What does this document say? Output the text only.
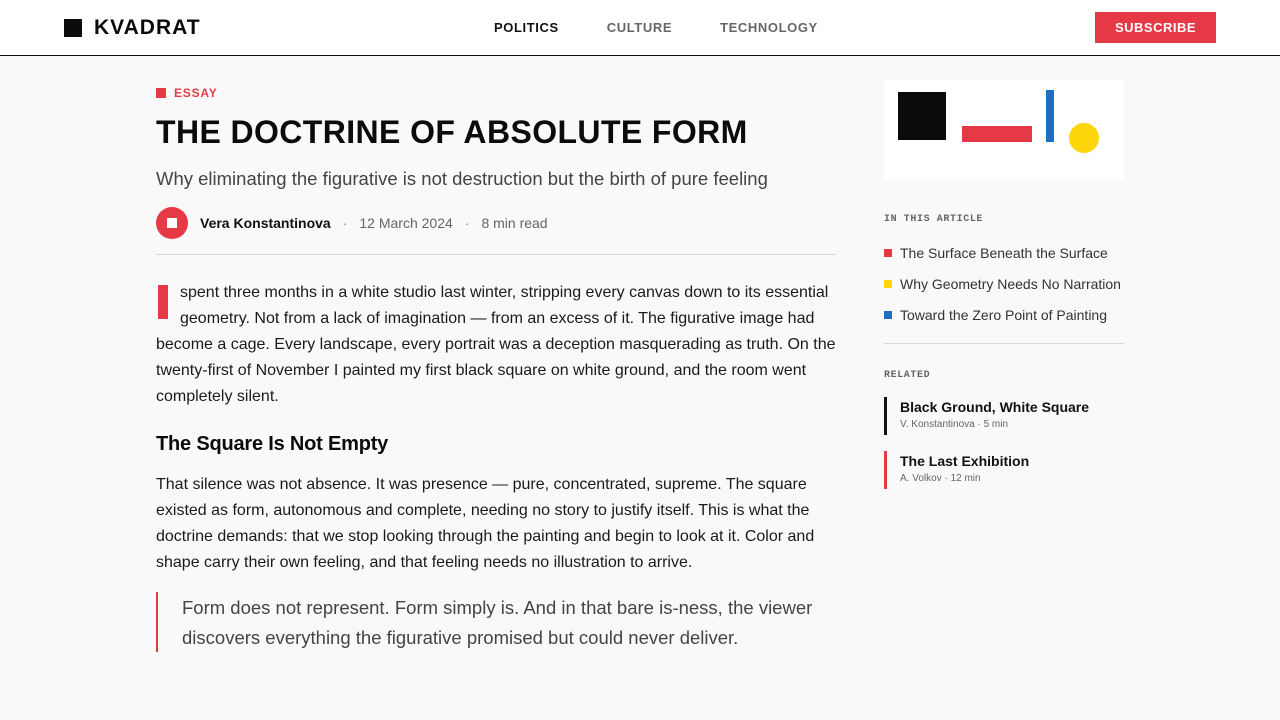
KVADRAT	POLITICS	CULTURE	TECHNOLOGY	SUBSCRIBE
ESSAY
THE DOCTRINE OF ABSOLUTE FORM

Why eliminating the figurative is not destruction but the birth of pure feeling

Vera Konstantinova · 12 March 2024 · 8 min read

spent three months in a white studio last winter, stripping every canvas down to its essential geometry. Not from a lack of imagination — from an excess of it. The figurative image had become a cage. Every landscape, every portrait was a deception masquerading as truth. On the twenty-first of November I painted my first black square on white ground, and the room went completely silent.

The Square Is Not Empty

That silence was not absence. It was presence — pure, concentrated, supreme. The square existed as form, autonomous and complete, needing no story to justify itself. This is what the doctrine demands: that we stop looking through the painting and begin to look at it. Color and shape carry their own feeling, and that feeling needs no illustration to arrive.

Form does not represent. Form simply is. And in that bare is-ness, the viewer discovers everything the figurative promised but could never deliver.

IN THIS ARTICLE
The Surface Beneath the Surface
Why Geometry Needs No Narration
Toward the Zero Point of Painting
RELATED
Black Ground, White Square
V. Konstantinova · 5 min
The Last Exhibition
A. Volkov · 12 min
